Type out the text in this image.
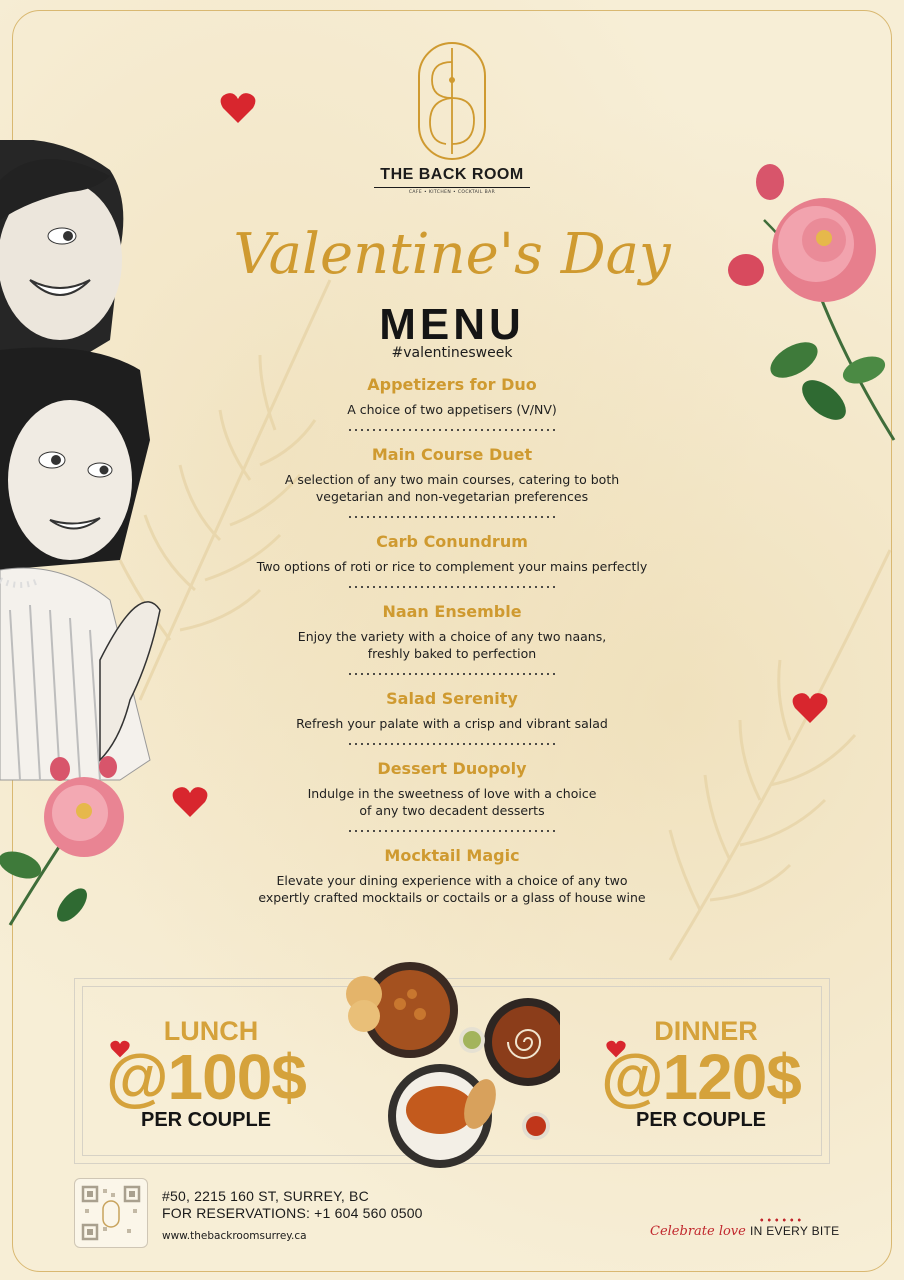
THE BACK ROOM
CAFE • KITCHEN • COCKTAIL BAR
Valentine's Day
MENU
#valentinesweek
Appetizers for Duo
A choice of two appetisers (V/NV)
Main Course Duet
A selection of any two main courses, catering to both
vegetarian and non-vegetarian preferences
Carb Conundrum
Two options of roti or rice to complement your mains perfectly
Naan Ensemble
Enjoy the variety with a choice of any two naans,
freshly baked to perfection
Salad Serenity
Refresh your palate with a crisp and vibrant salad
Dessert Duopoly
Indulge in the sweetness of love with a choice
of any two decadent desserts
Mocktail Magic
Elevate your dining experience with a choice of any two
expertly crafted mocktails or coctails or a glass of house wine
LUNCH
@100$
PER COUPLE
DINNER
@120$
PER COUPLE
#50, 2215 160 ST, SURREY, BC
FOR RESERVATIONS: +1 604 560 0500
www.thebackroomsurrey.ca	Celebrate love IN EVERY BITE
